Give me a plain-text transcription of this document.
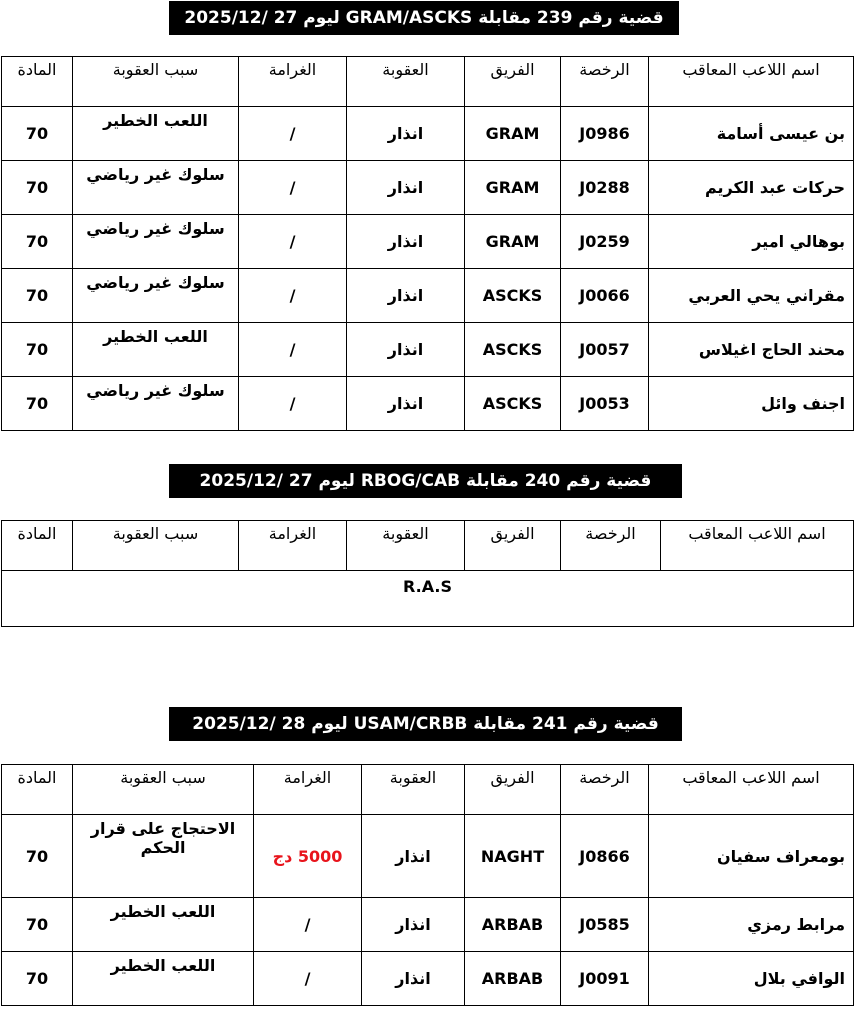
قضية رقم 239 مقابلة GRAM/ASCKS ليوم 27 /2025/12
اسم اللاعب المعاقب	الرخصة	الفريق	العقوبة	الغرامة	سبب العقوبة	المادة
بن عيسى أسامة	J0986	GRAM	انذار	/	اللعب الخطير	70
حركات عبد الكريم	J0288	GRAM	انذار	/	سلوك غير رياضي	70
بوهالي امير	J0259	GRAM	انذار	/	سلوك غير رياضي	70
مقراني يحي العربي	J0066	ASCKS	انذار	/	سلوك غير رياضي	70
محند الحاج اغيلاس	J0057	ASCKS	انذار	/	اللعب الخطير	70
اجنف وائل	J0053	ASCKS	انذار	/	سلوك غير رياضي	70
قضية رقم 240 مقابلة RBOG/CAB ليوم 27 /2025/12
اسم اللاعب المعاقب	الرخصة	الفريق	العقوبة	الغرامة	سبب العقوبة	المادة
R.A.S
قضية رقم 241 مقابلة USAM/CRBB ليوم 28 /2025/12
اسم اللاعب المعاقب	الرخصة	الفريق	العقوبة	الغرامة	سبب العقوبة	المادة
بومعراف سفيان	J0866	NAGHT	انذار	5000 دج	الاحتجاج على قرار الحكم	70
مرابط رمزي	J0585	ARBAB	انذار	/	اللعب الخطير	70
الوافي بلال	J0091	ARBAB	انذار	/	اللعب الخطير	70
